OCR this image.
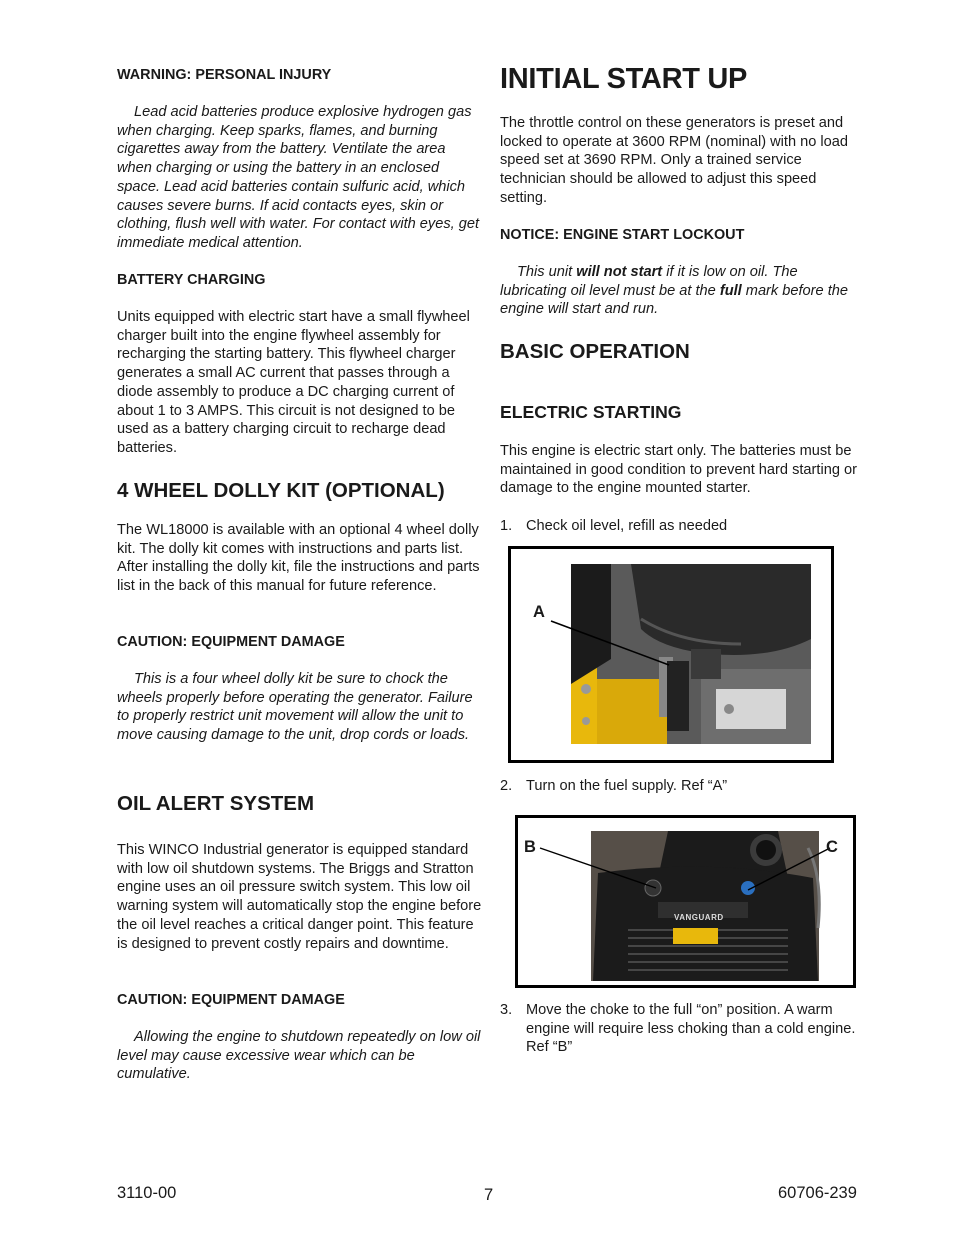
WARNING: PERSONAL INJURY

Lead acid batteries produce explosive hydrogen gas when charging. Keep sparks, flames, and burning cigarettes away from the battery. Ventilate the area when charging or using the battery in an enclosed space. Lead acid batteries contain sulfuric acid, which causes severe burns. If acid contacts eyes, skin or clothing, flush well with water. For contact with eyes, get immediate medical attention.

BATTERY CHARGING

Units equipped with electric start have a small flywheel charger built into the engine flywheel assembly for recharging the starting battery. This flywheel charger generates a small AC current that passes through a diode assembly to produce a DC charging current of about 1 to 3 AMPS. This circuit is not designed to be used as a battery charging circuit to recharge dead batteries.

4 WHEEL DOLLY KIT (OPTIONAL)

The WL18000 is available with an optional 4 wheel dolly kit. The dolly kit comes with instructions and parts list. After installing the dolly kit, file the instructions and parts list in the back of this manual for future reference.

CAUTION: EQUIPMENT DAMAGE

This is a four wheel dolly kit be sure to chock the wheels properly before operating the generator. Failure to properly restrict unit movement will allow the unit to move causing damage to the unit, drop cords or loads.

OIL ALERT SYSTEM

This WINCO Industrial generator is equipped standard with low oil shutdown systems. The Briggs and Stratton engine uses an oil pressure switch system. This low oil warning system will automatically stop the engine before the oil level reaches a critical danger point. This feature is designed to prevent costly repairs and downtime.

CAUTION: EQUIPMENT DAMAGE

Allowing the engine to shutdown repeatedly on low oil level may cause excessive wear which can be cumulative.

INITIAL START UP

The throttle control on these generators is preset and locked to operate at 3600 RPM (nominal) with no load speed set at 3690 RPM. Only a trained service technician should be allowed to adjust this speed setting.

NOTICE: ENGINE START LOCKOUT

This unit will not start if it is low on oil. The lubricating oil level must be at the full mark before the engine will start and run.

BASIC OPERATION

ELECTRIC STARTING

This engine is electric start only. The batteries must be maintained in good condition to prevent hard starting or damage to the engine mounted starter.

1. Check oil level, refill as needed
2. Turn on the fuel supply. Ref “A”
3. Move the choke to the full “on” position. A warm engine will require less choking than a cold engine. Ref “B”
A
VANGUARD
B	C
3110-00	7	60706-239
